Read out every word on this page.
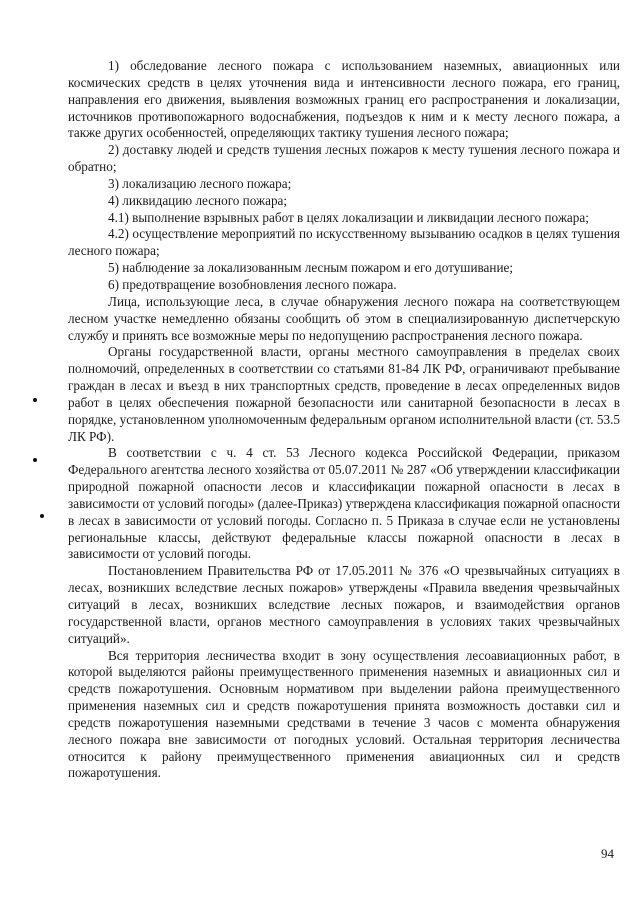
1) обследование лесного пожара с использованием наземных, авиационных или космических средств в целях уточнения вида и интенсивности лесного пожара, его границ, направления его движения, выявления возможных границ его распространения и локализации, источников противопожарного водоснабжения, подъездов к ним и к месту лесного пожара, а также других особенностей, определяющих тактику тушения лесного пожара;

2) доставку людей и средств тушения лесных пожаров к месту тушения лесного пожара и обратно;

3) локализацию лесного пожара;

4) ликвидацию лесного пожара;

4.1) выполнение взрывных работ в целях локализации и ликвидации лесного пожара;

4.2) осуществление мероприятий по искусственному вызыванию осадков в целях тушения лесного пожара;

5) наблюдение за локализованным лесным пожаром и его дотушивание;

6) предотвращение возобновления лесного пожара.

Лица, использующие леса, в случае обнаружения лесного пожара на соответствующем лесном участке немедленно обязаны сообщить об этом в специализированную диспетчерскую службу и принять все возможные меры по недопущению распространения лесного пожара.

Органы государственной власти, органы местного самоуправления в пределах своих полномочий, определенных в соответствии со статьями 81-84 ЛК РФ, ограничивают пребывание граждан в лесах и въезд в них транспортных средств, проведение в лесах определенных видов работ в целях обеспечения пожарной безопасности или санитарной безопасности в лесах в порядке, установленном уполномоченным федеральным органом исполнительной власти (ст. 53.5 ЛК РФ).

В соответствии с ч. 4 ст. 53 Лесного кодекса Российской Федерации, приказом Федерального агентства лесного хозяйства от 05.07.2011 № 287 «Об утверждении классификации природной пожарной опасности лесов и классификации пожарной опасности в лесах в зависимости от условий погоды» (далее-Приказ) утверждена классификация пожарной опасности в лесах в зависимости от условий погоды. Согласно п. 5 Приказа в случае если не установлены региональные классы, действуют федеральные классы пожарной опасности в лесах в зависимости от условий погоды.

Постановлением Правительства РФ от 17.05.2011 № 376 «О чрезвычайных ситуациях в лесах, возникших вследствие лесных пожаров» утверждены «Правила введения чрезвычайных ситуаций в лесах, возникших вследствие лесных пожаров, и взаимодействия органов государственной власти, органов местного самоуправления в условиях таких чрезвычайных ситуаций».

Вся территория лесничества входит в зону осуществления лесоавиационных работ, в которой выделяются районы преимущественного применения наземных и авиационных сил и средств пожаротушения. Основным нормативом при выделении района преимущественного применения наземных сил и средств пожаротушения принята возможность доставки сил и средств пожаротушения наземными средствами в течение 3 часов с момента обнаружения лесного пожара вне зависимости от погодных условий. Остальная территория лесничества относится к району преимущественного применения авиационных сил и средств пожаротушения.

94
